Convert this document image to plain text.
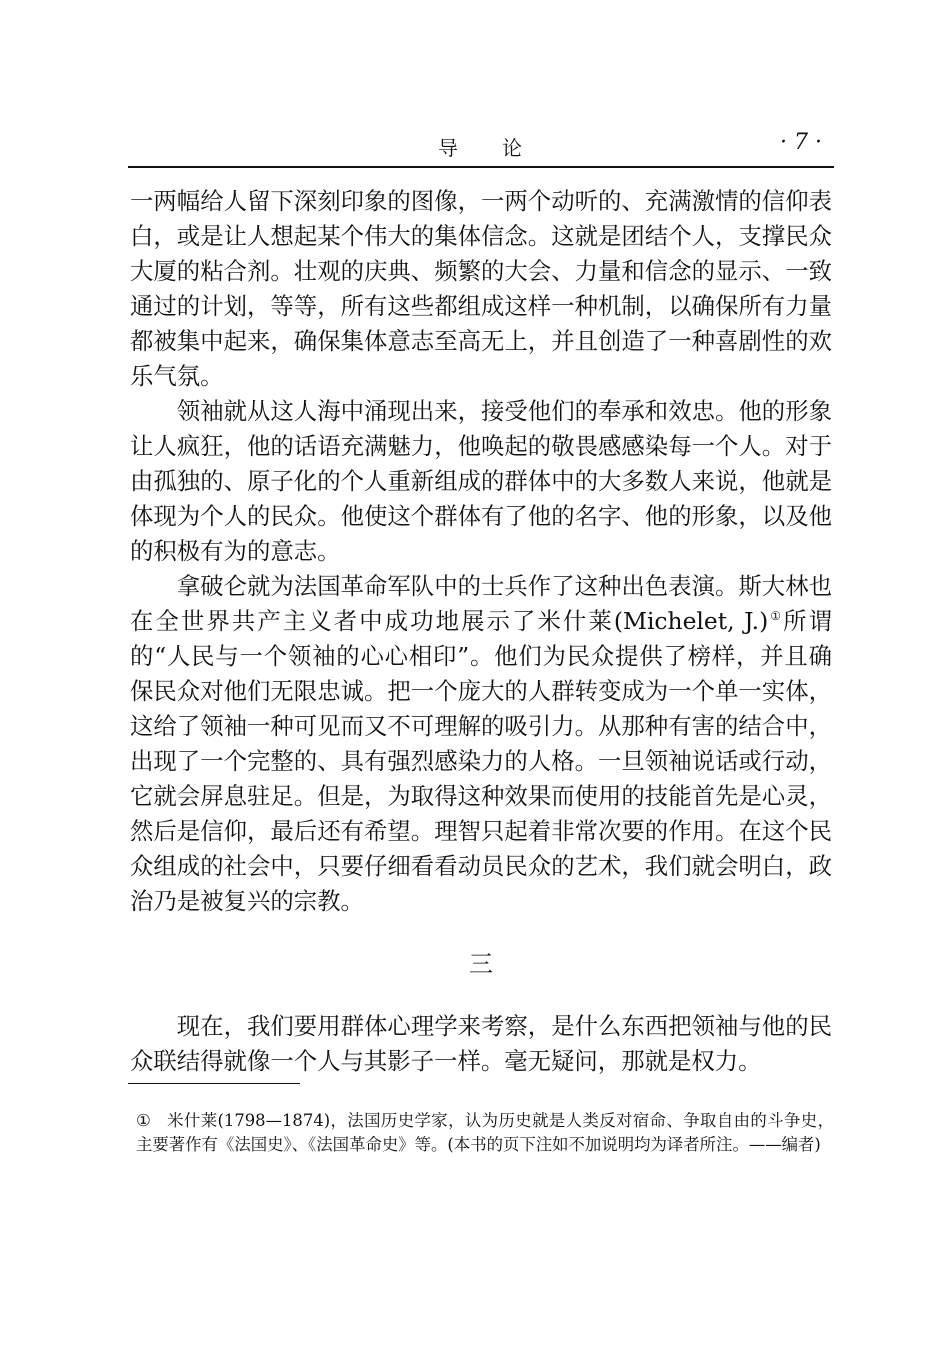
导 论	· 7 ·

一两幅给人留下深刻印象的图像，一两个动听的、充满激情的信仰表白，或是让人想起某个伟大的集体信念。这就是团结个人，支撑民众大厦的粘合剂。壮观的庆典、频繁的大会、力量和信念的显示、一致通过的计划，等等，所有这些都组成这样一种机制，以确保所有力量都被集中起来，确保集体意志至高无上，并且创造了一种喜剧性的欢乐气氛。

领袖就从这人海中涌现出来，接受他们的奉承和效忠。他的形象让人疯狂，他的话语充满魅力，他唤起的敬畏感感染每一个人。对于由孤独的、原子化的个人重新组成的群体中的大多数人来说，他就是体现为个人的民众。他使这个群体有了他的名字、他的形象，以及他的积极有为的意志。

拿破仑就为法国革命军队中的士兵作了这种出色表演。斯大林也在全世界共产主义者中成功地展示了米什莱(Michelet, J.)①所谓的“人民与一个领袖的心心相印”。他们为民众提供了榜样，并且确保民众对他们无限忠诚。把一个庞大的人群转变成为一个单一实体，这给了领袖一种可见而又不可理解的吸引力。从那种有害的结合中，出现了一个完整的、具有强烈感染力的人格。一旦领袖说话或行动，它就会屏息驻足。但是，为取得这种效果而使用的技能首先是心灵，然后是信仰，最后还有希望。理智只起着非常次要的作用。在这个民众组成的社会中，只要仔细看看动员民众的艺术，我们就会明白，政治乃是被复兴的宗教。

三

现在，我们要用群体心理学来考察，是什么东西把领袖与他的民众联结得就像一个人与其影子一样。毫无疑问，那就是权力。

① 米什莱(1798—1874)，法国历史学家，认为历史就是人类反对宿命、争取自由的斗争史，主要著作有《法国史》、《法国革命史》等。(本书的页下注如不加说明均为译者所注。——编者)
